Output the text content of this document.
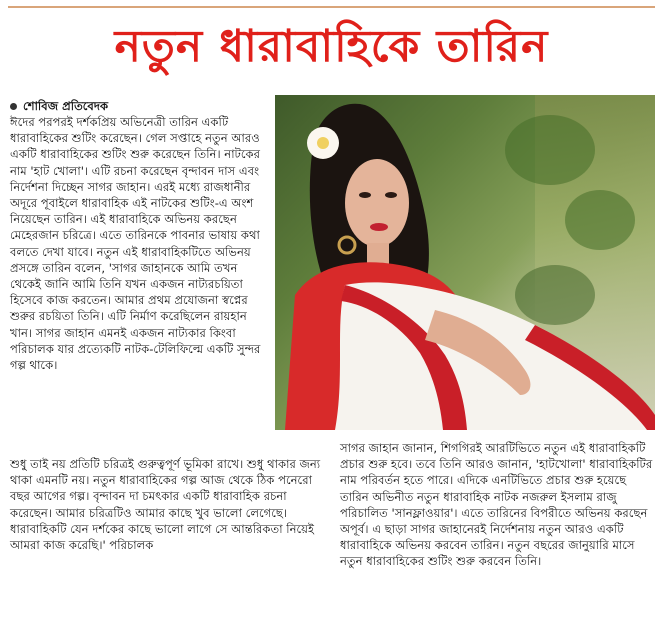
নতুন ধারাবাহিকে তারিন

শোবিজ প্রতিবেদক

ঈদের পরপরই দর্শকপ্রিয় অভিনেত্রী তারিন একটি ধারাবাহিকের শুটিং করেছেন। গেল সপ্তাহে নতুন আরও একটি ধারাবাহিকের শুটিং শুরু করেছেন তিনি। নাটকের নাম 'হাট খোলা'। এটি রচনা করেছেন বৃন্দাবন দাস এবং নির্দেশনা দিচ্ছেন সাগর জাহান। এরই মধ্যে রাজধানীর অদূরে পূবাইলে ধারাবাহিক এই নাটকের শুটিং-এ অংশ নিয়েছেন তারিন। এই ধারাবাহিকে অভিনয় করছেন মেহেরজান চরিত্রে। এতে তারিনকে পাবনার ভাষায় কথা বলতে দেখা যাবে। নতুন এই ধারাবাহিকটিতে অভিনয় প্রসঙ্গে তারিন বলেন, 'সাগর জাহানকে আমি তখন থেকেই জানি আমি তিনি যখন একজন নাট্যরচয়িতা হিসেবে কাজ করতেন। আমার প্রথম প্রযোজনা স্বপ্নের শুরুর রচয়িতা তিনি। এটি নির্মাণ করেছিলেন রায়হান খান। সাগর জাহান এমনই একজন নাট্যকার কিংবা পরিচালক যার প্রত্যেকটি নাটক-টেলিফিল্মে একটি সুন্দর গল্প থাকে।
শুধু তাই নয় প্রতিটি চরিত্রই গুরুত্বপূর্ণ ভূমিকা রাখে। শুধু থাকার জন্য থাকা এমনটি নয়। নতুন ধারাবাহিকের গল্প আজ থেকে ঠিক পনেরো বছর আগের গল্প। বৃন্দাবন দা চমৎকার একটি ধারাবাহিক রচনা করেছেন। আমার চরিত্রটিও আমার কাছে খুব ভালো লেগেছে। ধারাবাহিকটি যেন দর্শকের কাছে ভালো লাগে সে আন্তরিকতা নিয়েই আমরা কাজ করেছি।' পরিচালক
সাগর জাহান জানান, শিগগিরই আরটিভিতে নতুন এই ধারাবাহিকটি প্রচার শুরু হবে। তবে তিনি আরও জানান, 'হাটখোলা' ধারাবাহিকটির নাম পরিবর্তন হতে পারে। এদিকে এনটিভিতে প্রচার শুরু হয়েছে তারিন অভিনীত নতুন ধারাবাহিক নাটক নজরুল ইসলাম রাজু পরিচালিত 'সানফ্লাওয়ার'। এতে তারিনের বিপরীতে অভিনয় করছেন অপূর্ব। এ ছাড়া সাগর জাহানেরই নির্দেশনায় নতুন আরও একটি ধারাবাহিকে অভিনয় করবেন তারিন। নতুন বছরের জানুয়ারি মাসে নতুন ধারাবাহিকের শুটিং শুরু করবেন তিনি।
